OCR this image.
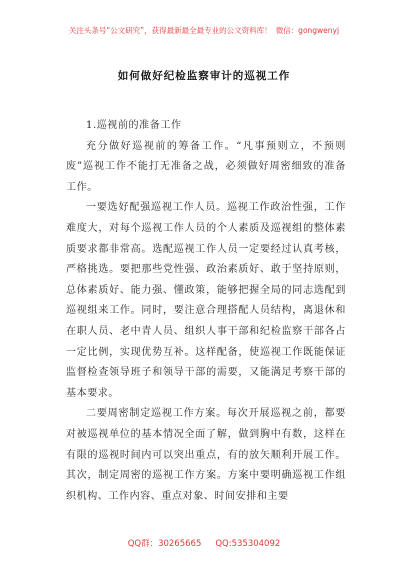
关注头条号“公文研究”，获得最新最全最专业的公文资料库！ 微信：gongwenyj
如何做好纪检监察审计的巡视工作

1.巡视前的准备工作

充分做好巡视前的筹备工作。“凡事预则立，不预则废”巡视工作不能打无准备之战，必须做好周密细致的准备工作。

一要选好配强巡视工作人员。巡视工作政治性强，工作难度大，对每个巡视工作人员的个人素质及巡视组的整体素质要求都非常高。选配巡视工作人员一定要经过认真考核，严格挑选。要把那些党性强、政治素质好、敢于坚持原则，总体素质好、能力强、懂政策，能够把握全局的同志选配到巡视组来工作。同时，要注意合理搭配人员结构，离退休和在职人员、老中青人员、组织人事干部和纪检监察干部各占一定比例，实现优势互补。这样配备，使巡视工作既能保证监督检查领导班子和领导干部的需要，又能满足考察干部的基本要求。

二要周密制定巡视工作方案。每次开展巡视之前，都要对被巡视单位的基本情况全面了解，做到胸中有数，这样在有限的巡视时间内可以突出重点，有的放矢顺利开展工作。其次，制定周密的巡视工作方案。方案中要明确巡视工作组织机构、工作内容、重点对象、时间安排和主要

QQ群：30265665 QQ:535304092
